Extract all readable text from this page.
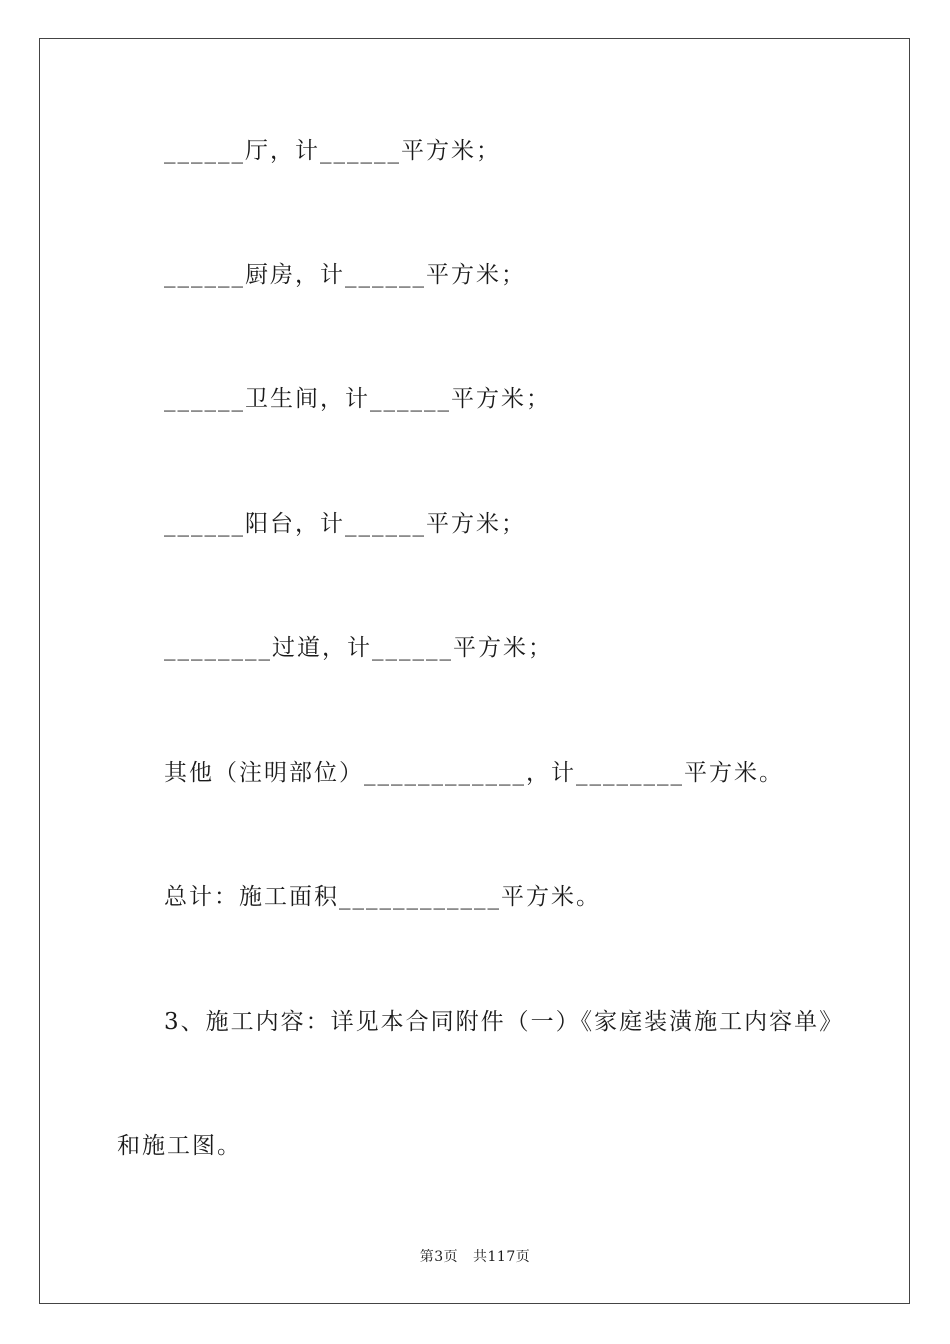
______厅，计______平方米；
______厨房，计______平方米；
______卫生间，计______平方米；
______阳台，计______平方米；
________过道，计______平方米；
其他（注明部位）____________，计________平方米。
总计：施工面积____________平方米。
3、施工内容：详见本合同附件（一）《家庭装潢施工内容单》
和施工图。
第3页   共117页
